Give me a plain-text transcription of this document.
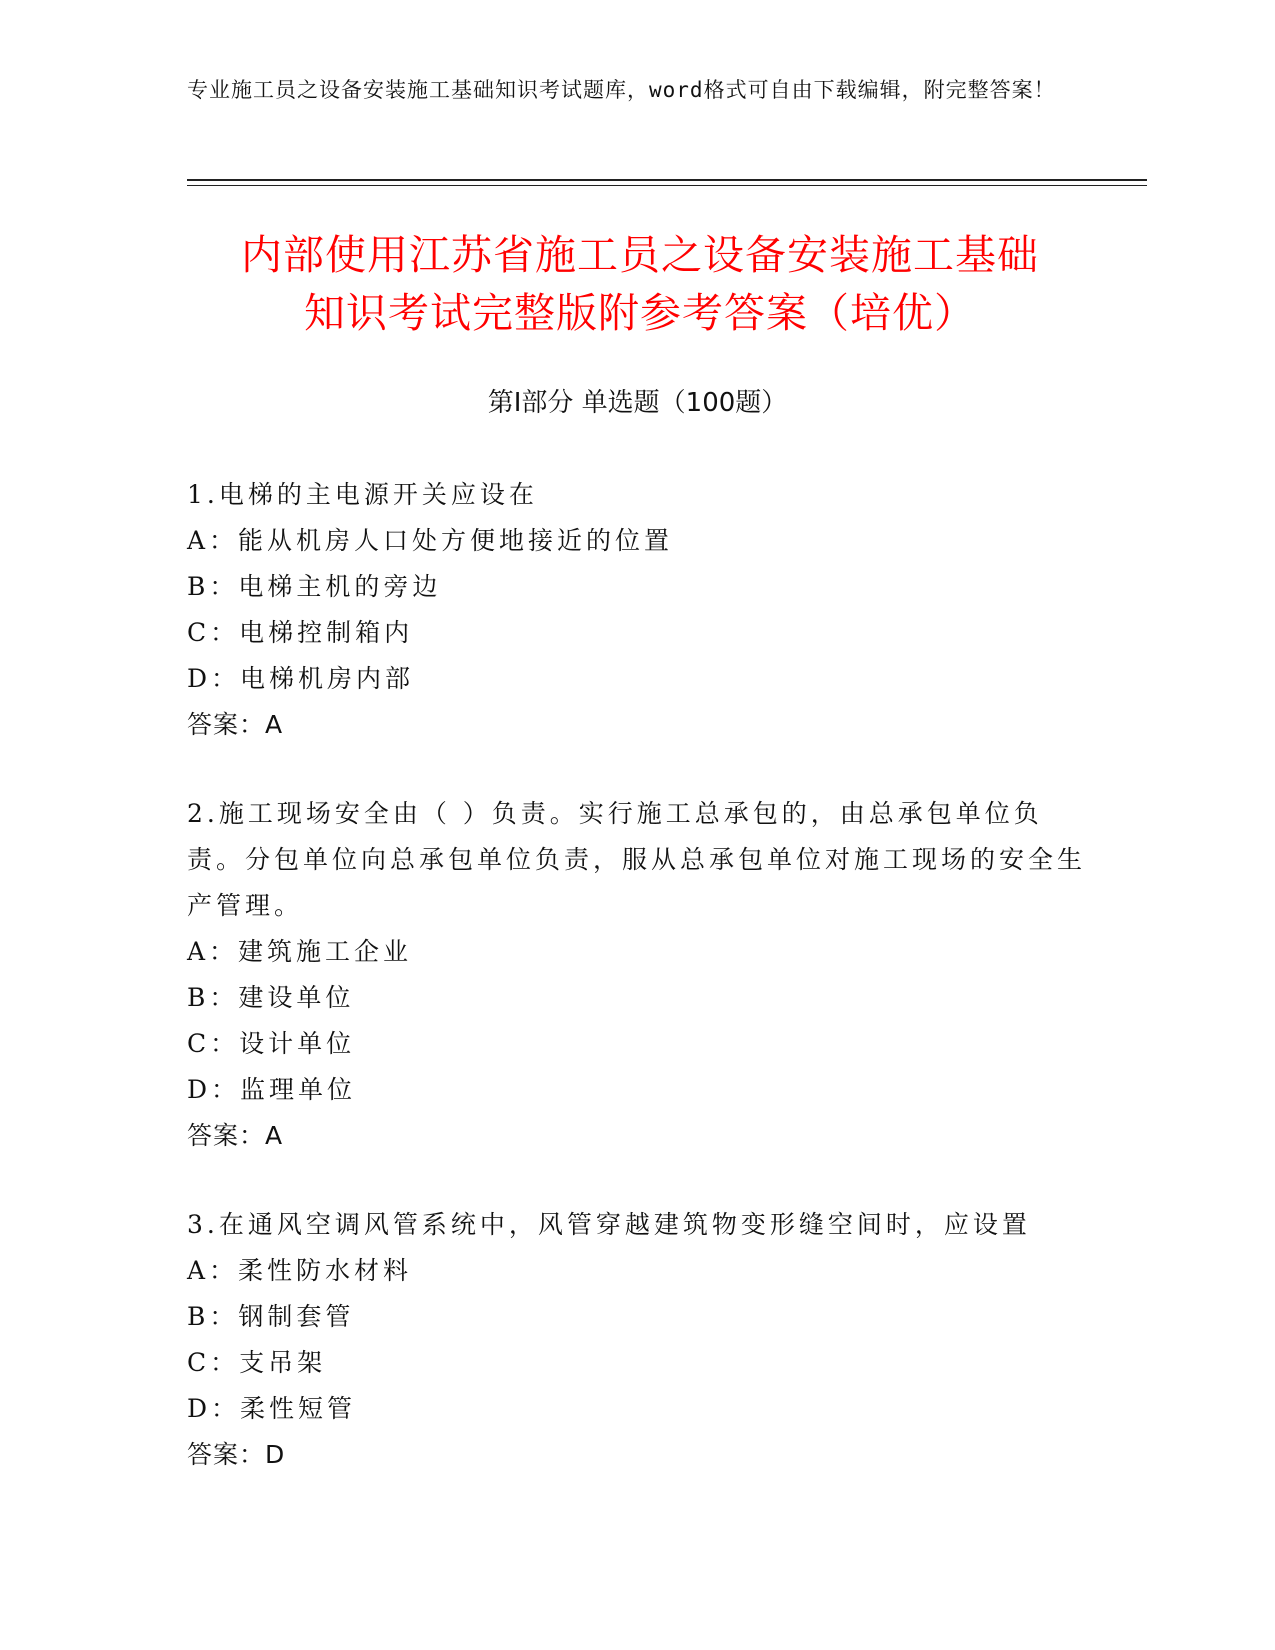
专业施工员之设备安装施工基础知识考试题库，word格式可自由下载编辑，附完整答案！
内部使用江苏省施工员之设备安装施工基础
知识考试完整版附参考答案（培优）
第Ⅰ部分 单选题（100题）
1.电梯的主电源开关应设在
A：能从机房人口处方便地接近的位置
B：电梯主机的旁边
C：电梯控制箱内
D：电梯机房内部
答案：A
2.施工现场安全由（ ）负责。实行施工总承包的，由总承包单位负责。分包单位向总承包单位负责，服从总承包单位对施工现场的安全生产管理。
A：建筑施工企业
B：建设单位
C：设计单位
D：监理单位
答案：A
3.在通风空调风管系统中，风管穿越建筑物变形缝空间时，应设置
A：柔性防水材料
B：钢制套管
C：支吊架
D：柔性短管
答案：D
